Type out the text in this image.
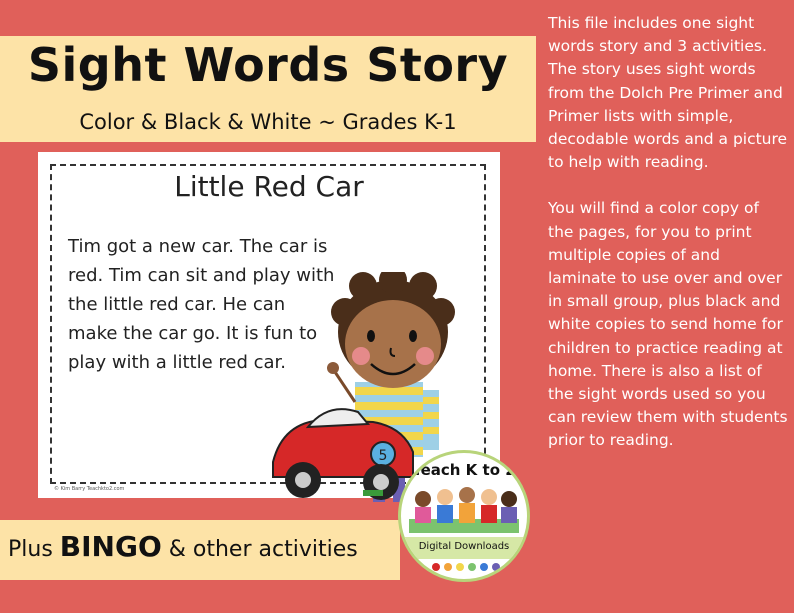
Sight Words Story
Color & Black & White ~ Grades K-1
Little Red Car
Tim got a new car. The car is red. Tim can sit and play with the little red car. He can make the car go. It is fun to play with a little red car.
© Kim Barry Teachkto2.com
5
Plus BINGO & other activities
Teach K to 2
Digital Downloads

This file includes one sight words story and 3 activities. The story uses sight words from the Dolch Pre Primer and Primer lists with simple, decodable words and a picture to help with reading.

You will find a color copy of the pages, for you to print multiple copies of and laminate to use over and over in small group, plus black and white copies to send home for children to practice reading at home. There is also a list of the sight words used so you can review them with students prior to reading.
